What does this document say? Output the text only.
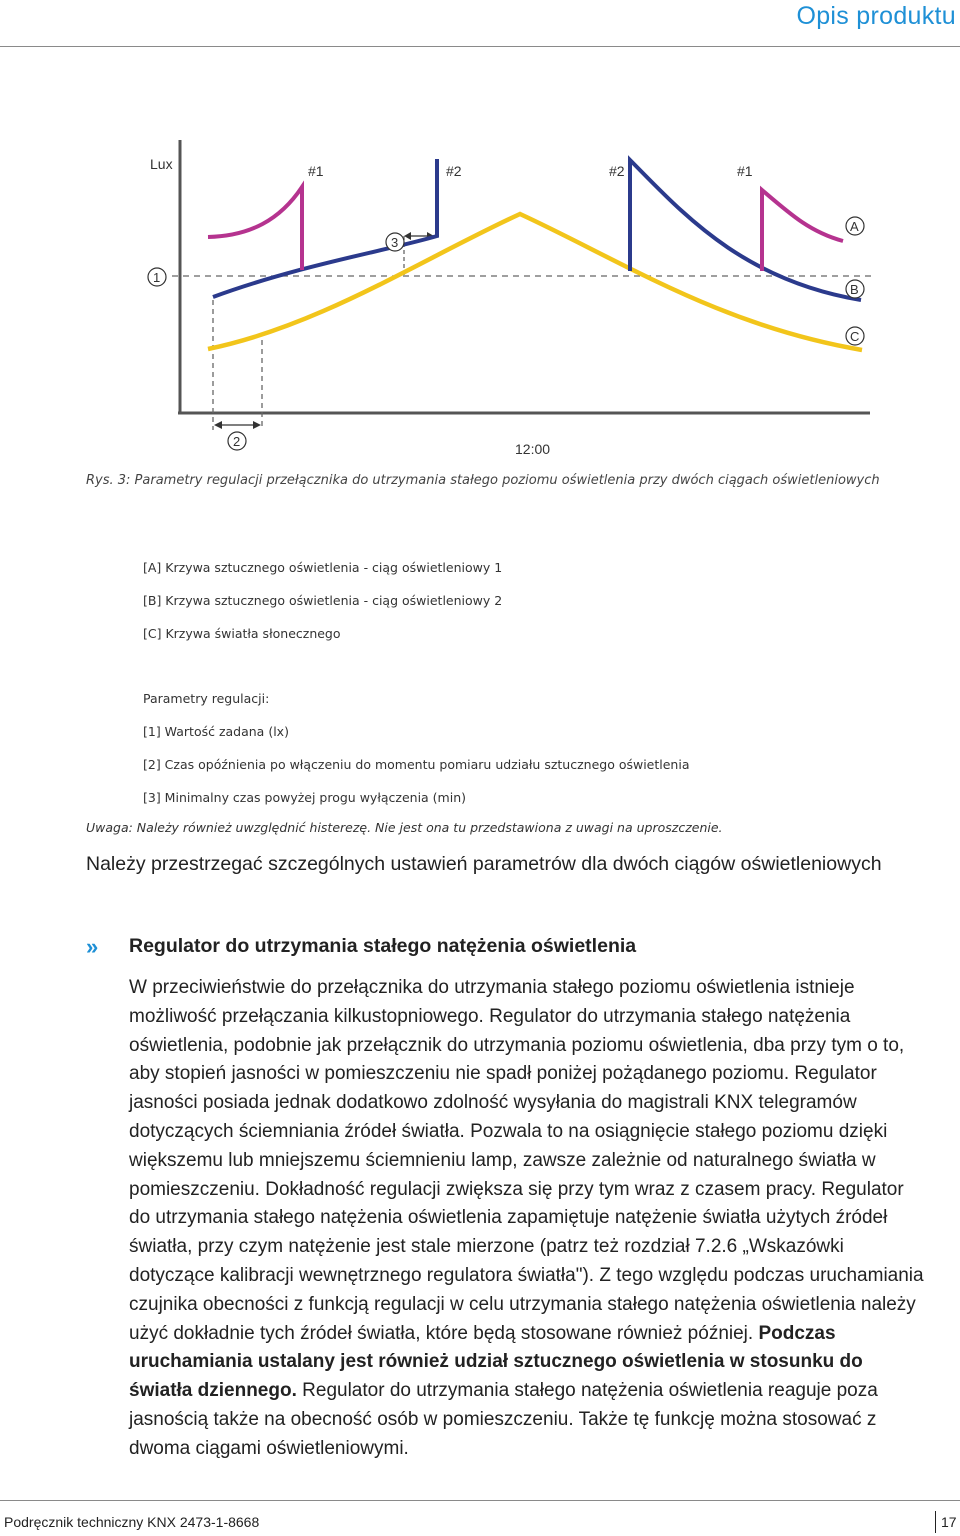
Opis produktu
Lux	#1	#2	#2	#1
1
2
3
A
B
C
12:00
Rys. 3: Parametry regulacji przełącznika do utrzymania stałego poziomu oświetlenia przy dwóch ciągach oświetleniowych
[A] Krzywa sztucznego oświetlenia - ciąg oświetleniowy 1
[B] Krzywa sztucznego oświetlenia - ciąg oświetleniowy 2
[C] Krzywa światła słonecznego
Parametry regulacji:
[1] Wartość zadana (lx)
[2] Czas opóźnienia po włączeniu do momentu pomiaru udziału sztucznego oświetlenia
[3] Minimalny czas powyżej progu wyłączenia (min)
Uwaga: Należy również uwzględnić histerezę. Nie jest ona tu przedstawiona z uwagi na uproszczenie.
Należy przestrzegać szczególnych ustawień parametrów dla dwóch ciągów oświetleniowych
» Regulator do utrzymania stałego natężenia oświetlenia
W przeciwieństwie do przełącznika do utrzymania stałego poziomu oświetlenia istnieje możliwość przełączania kilkustopniowego. Regulator do utrzymania stałego natężenia oświetlenia, podobnie jak przełącznik do utrzymania poziomu oświetlenia, dba przy tym o to, aby stopień jasności w pomieszczeniu nie spadł poniżej pożądanego poziomu. Regulator jasności posiada jednak dodatkowo zdolność wysyłania do magistrali KNX telegramów dotyczących ściemniania źródeł światła. Pozwala to na osiągnięcie stałego poziomu dzięki większemu lub mniejszemu ściemnieniu lamp, zawsze zależnie od naturalnego światła w pomieszczeniu. Dokładność regulacji zwiększa się przy tym wraz z czasem pracy. Regulator do utrzymania stałego natężenia oświetlenia zapamiętuje natężenie światła użytych źródeł światła, przy czym natężenie jest stale mierzone (patrz też rozdział 7.2.6 „Wskazówki dotyczące kalibracji wewnętrznego regulatora światła"). Z tego względu podczas uruchamiania czujnika obecności z funkcją regulacji w celu utrzymania stałego natężenia oświetlenia należy użyć dokładnie tych źródeł światła, które będą stosowane również później. Podczas uruchamiania ustalany jest również udział sztucznego oświetlenia w stosunku do światła dziennego. Regulator do utrzymania stałego natężenia oświetlenia reaguje poza jasnością także na obecność osób w pomieszczeniu. Także tę funkcję można stosować z dwoma ciągami oświetleniowymi.
Podręcznik techniczny KNX 2473-1-8668	17
